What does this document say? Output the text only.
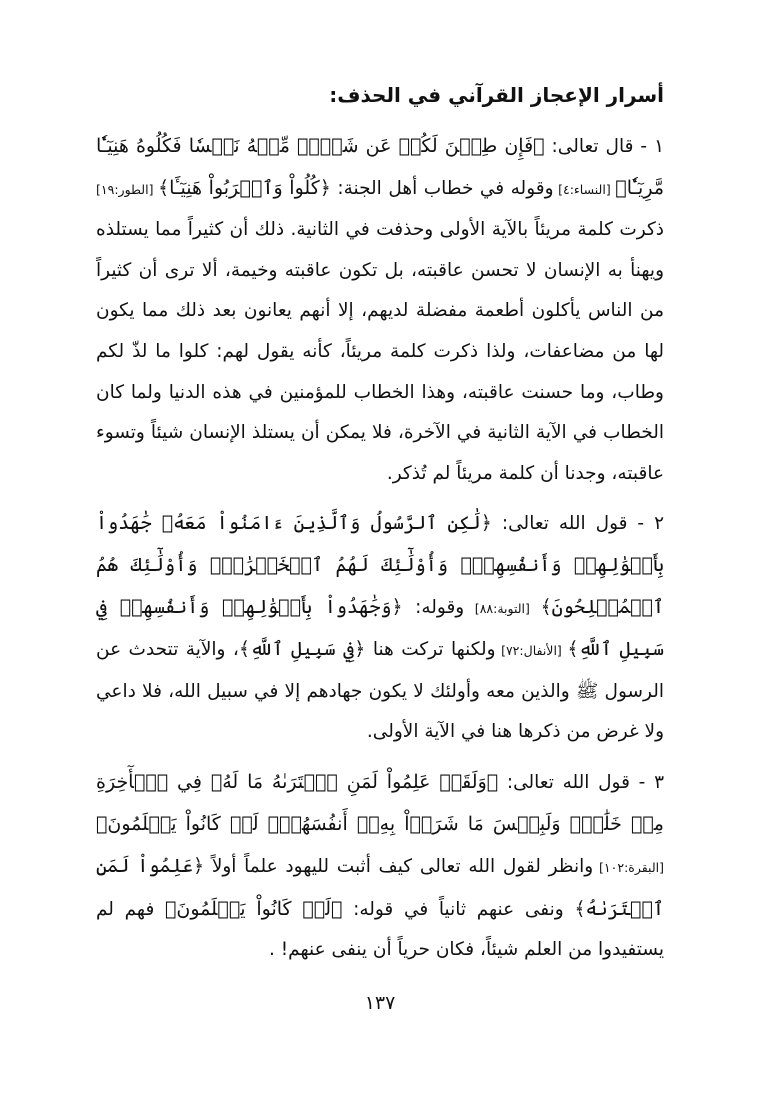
أسرار الإعجاز القرآني في الحذف:

١ - قال تعالى: ﴿فَإِن طِبۡنَ لَكُمۡ عَن شَيۡءٖ مِّنۡهُ نَفۡسٗا فَكُلُوهُ هَنِيٓـٔٗا مَّرِيٓـٔٗا﴾ [النساء:٤] وقوله في خطاب أهل الجنة: ﴿كُلُواْ وَٱشۡرَبُواْ هَنِيٓـَٔا﴾ [الطور:١٩] ذكرت كلمة مريئاً بالآية الأولى وحذفت في الثانية. ذلك أن كثيراً مما يستلذه ويهنأ به الإنسان لا تحسن عاقبته، بل تكون عاقبته وخيمة، ألا ترى أن كثيراً من الناس يأكلون أطعمة مفضلة لديهم، إلا أنهم يعانون بعد ذلك مما يكون لها من مضاعفات، ولذا ذكرت كلمة مريئاً، كأنه يقول لهم: كلوا ما لذّ لكم وطاب، وما حسنت عاقبته، وهذا الخطاب للمؤمنين في هذه الدنيا ولما كان الخطاب في الآية الثانية في الآخرة، فلا يمكن أن يستلذ الإنسان شيئاً وتسوء عاقبته، وجدنا أن كلمة مريئاً لم تُذكر.

٢ - قول الله تعالى: ﴿لَٰكِنِ ٱلرَّسُولُ وَٱلَّذِينَ ءَامَنُواْ مَعَهُۥ جَٰهَدُواْ بِأَمۡوَٰلِهِمۡ وَأَنفُسِهِمۡۚ وَأُوْلَٰٓئِكَ لَهُمُ ٱلۡخَيۡرَٰتُۖ وَأُوْلَٰٓئِكَ هُمُ ٱلۡمُفۡلِحُونَ﴾ [التوبة:٨٨] وقوله: ﴿وَجَٰهَدُواْ بِأَمۡوَٰلِهِمۡ وَأَنفُسِهِمۡ فِي سَبِيلِ ٱللَّهِ﴾ [الأنفال:٧٢] ولكنها تركت هنا ﴿فِي سَبِيلِ ٱللَّهِ﴾، والآية تتحدث عن الرسول ﷺ والذين معه وأولئك لا يكون جهادهم إلا في سبيل الله، فلا داعي ولا غرض من ذكرها هنا في الآية الأولى.

٣ - قول الله تعالى: ﴿وَلَقَدۡ عَلِمُواْ لَمَنِ ٱشۡتَرَىٰهُ مَا لَهُۥ فِي ٱلۡأٓخِرَةِ مِنۡ خَلَٰقٖۚ وَلَبِئۡسَ مَا شَرَوۡاْ بِهِۦٓ أَنفُسَهُمۡۚ لَوۡ كَانُواْ يَعۡلَمُونَ﴾ [البقرة:١٠٢] وانظر لقول الله تعالى كيف أثبت لليهود علماً أولاً ﴿عَلِمُواْ لَمَنِ ٱشۡتَرَىٰهُ﴾ ونفى عنهم ثانياً في قوله: ﴿لَوۡ كَانُواْ يَعۡلَمُونَ﴾ فهم لم يستفيدوا من العلم شيئاً، فكان حرياً أن ينفى عنهم! .

١٣٧
